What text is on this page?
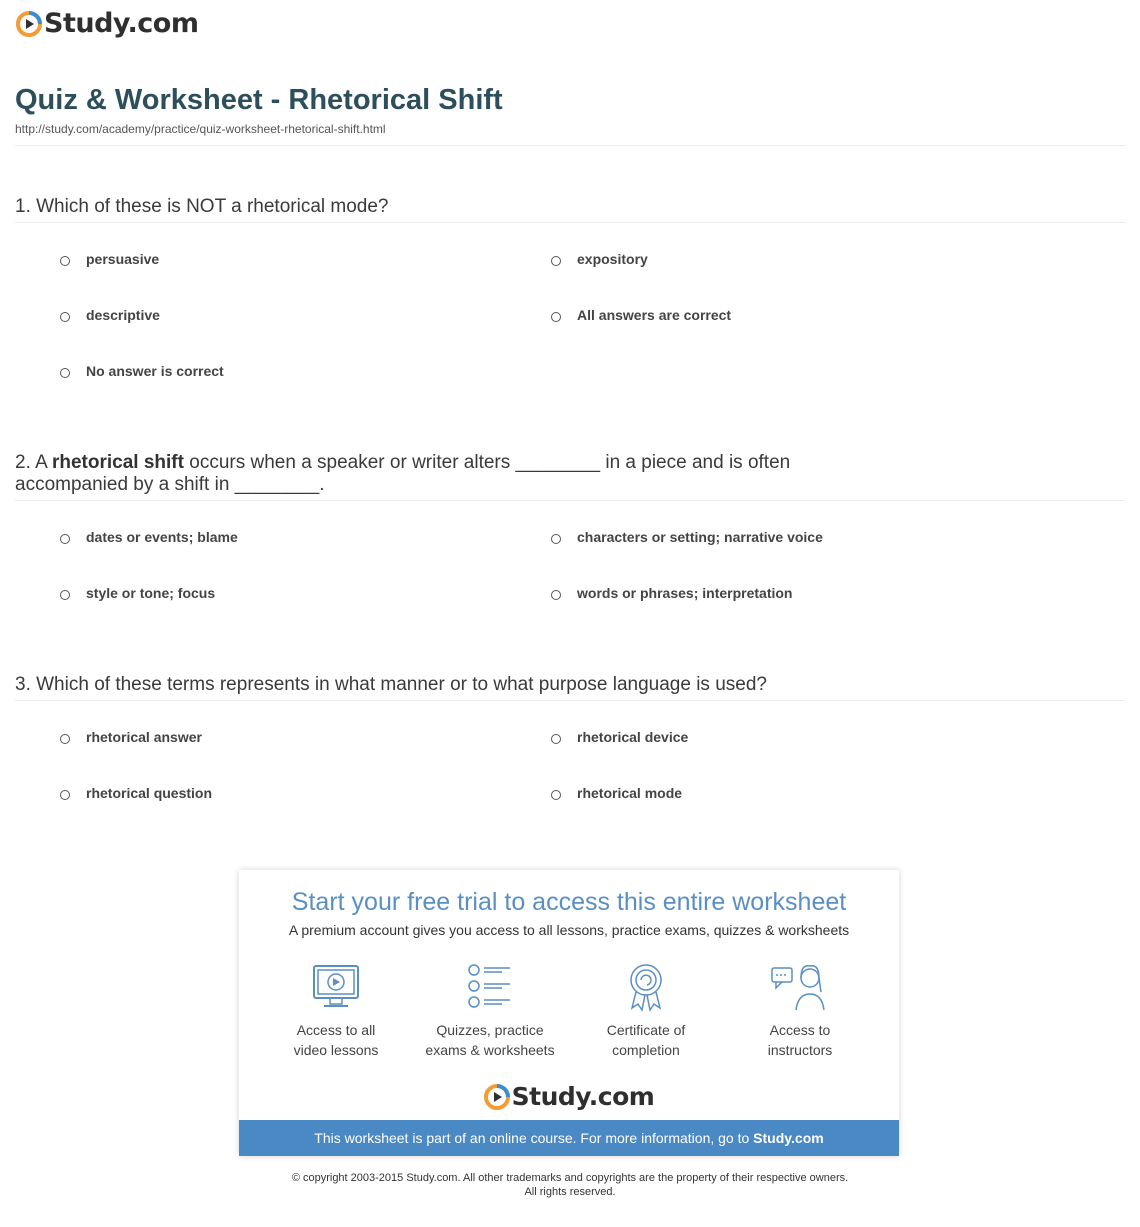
Study.com
Quiz & Worksheet - Rhetorical Shift
http://study.com/academy/practice/quiz-worksheet-rhetorical-shift.html
1. Which of these is NOT a rhetorical mode?
persuasive	expository
descriptive	All answers are correct
No answer is correct
2. A rhetorical shift occurs when a speaker or writer alters ________ in a piece and is often accompanied by a shift in ________.
dates or events; blame	characters or setting; narrative voice
style or tone; focus	words or phrases; interpretation
3. Which of these terms represents in what manner or to what purpose language is used?
rhetorical answer	rhetorical device
rhetorical question	rhetorical mode
Start your free trial to access this entire worksheet
A premium account gives you access to all lessons, practice exams, quizzes & worksheets
Access to all
video lessons
Quizzes, practice
exams & worksheets
Certificate of
completion
Access to
instructors
Study.com
This worksheet is part of an online course. For more information, go to Study.com
© copyright 2003-2015 Study.com. All other trademarks and copyrights are the property of their respective owners.
All rights reserved.
